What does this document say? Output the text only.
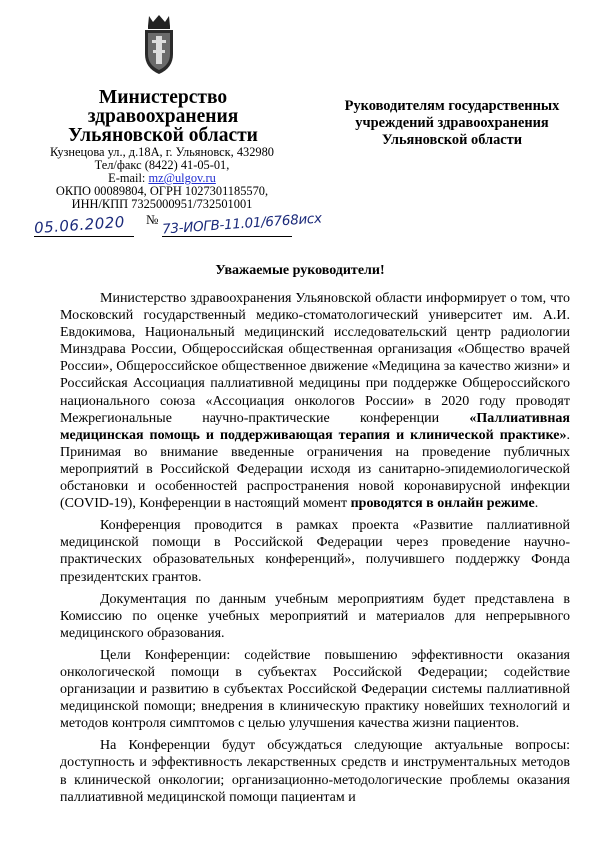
Министерство
здравоохранения
Ульяновской области
Кузнецова ул., д.18А, г. Ульяновск, 432980
Тел/факс (8422) 41-05-01,
E-mail: mz@ulgov.ru
ОКПО 00089804, ОГРН 1027301185570,
ИНН/КПП 7325000951/732501001
05.06.2020 № 73-ИОГВ-11.01/6768исх
Руководителям государственных
учреждений здравоохранения
Ульяновской области
Уважаемые руководители!

Министерство здравоохранения Ульяновской области информирует о том, что Московский государственный медико-стоматологический университет им. А.И. Евдокимова, Национальный медицинский исследовательский центр радиологии Минздрава России, Общероссийская общественная организация «Общество врачей России», Общероссийское общественное движение «Медицина за качество жизни» и Российская Ассоциация паллиативной медицины при поддержке Общероссийского национального союза «Ассоциация онкологов России» в 2020 году проводят Межрегиональные научно-практические конференции «Паллиативная медицинская помощь и поддерживающая терапия и клинической практике». Принимая во внимание введенные ограничения на проведение публичных мероприятий в Российской Федерации исходя из санитарно-эпидемиологической обстановки и особенностей распространения новой коронавирусной инфекции (COVID-19), Конференции в настоящий момент проводятся в онлайн режиме.

Конференция проводится в рамках проекта «Развитие паллиативной медицинской помощи в Российской Федерации через проведение научно-практических образовательных конференций», получившего поддержку Фонда президентских грантов.

Документация по данным учебным мероприятиям будет представлена в Комиссию по оценке учебных мероприятий и материалов для непрерывного медицинского образования.

Цели Конференции: содействие повышению эффективности оказания онкологической помощи в субъектах Российской Федерации; содействие организации и развитию в субъектах Российской Федерации системы паллиативной медицинской помощи; внедрения в клиническую практику новейших технологий и методов контроля симптомов с целью улучшения качества жизни пациентов.

На Конференции будут обсуждаться следующие актуальные вопросы: доступность и эффективность лекарственных средств и инструментальных методов в клинической онкологии; организационно-методологические проблемы оказания паллиативной медицинской помощи пациентам и
